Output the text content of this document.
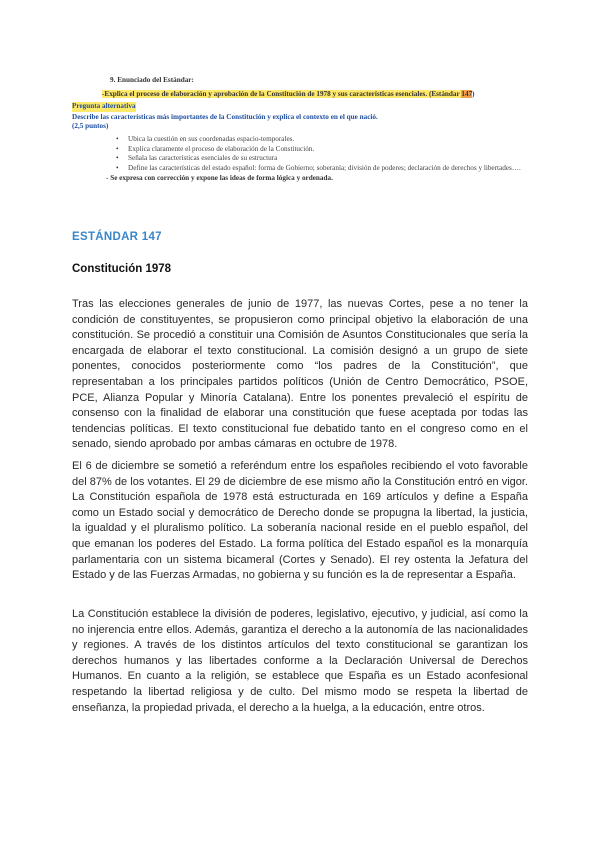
9. Enunciado del Estándar:
-Explica el proceso de elaboración y aprobación de la Constitución de 1978 y sus características esenciales. (Estándar 147)
Pregunta alternativa
Describe las características más importantes de la Constitución y explica el contexto en el que nació.
(2,5 puntos)
• Ubica la cuestión en sus coordenadas espacio-temporales.
• Explica claramente el proceso de elaboración de la Constitución.
• Señala las características esenciales de su estructura
• Define las características del estado español: forma de Gobierno; soberanía; división de poderes; declaración de derechos y libertades….
- Se expresa con corrección y expone las ideas de forma lógica y ordenada.
ESTÁNDAR 147
Constitución 1978

Tras las elecciones generales de junio de 1977, las nuevas Cortes, pese a no tener la condición de constituyentes, se propusieron como principal objetivo la elaboración de una constitución. Se procedió a constituir una Comisión de Asuntos Constitucionales que sería la encargada de elaborar el texto constitucional. La comisión designó a un grupo de siete ponentes, conocidos posteriormente como “los padres de la Constitución”, que representaban a los principales partidos políticos (Unión de Centro Democrático, PSOE, PCE, Alianza Popular y Minoría Catalana). Entre los ponentes prevaleció el espíritu de consenso con la finalidad de elaborar una constitución que fuese aceptada por todas las tendencias políticas. El texto constitucional fue debatido tanto en el congreso como en el senado, siendo aprobado por ambas cámaras en octubre de 1978.

El 6 de diciembre se sometió a referéndum entre los españoles recibiendo el voto favorable del 87% de los votantes. El 29 de diciembre de ese mismo año la Constitución entró en vigor. La Constitución española de 1978 está estructurada en 169 artículos y define a España como un Estado social y democrático de Derecho donde se propugna la libertad, la justicia, la igualdad y el pluralismo político. La soberanía nacional reside en el pueblo español, del que emanan los poderes del Estado. La forma política del Estado español es la monarquía parlamentaria con un sistema bicameral (Cortes y Senado). El rey ostenta la Jefatura del Estado y de las Fuerzas Armadas, no gobierna y su función es la de representar a España.

La Constitución establece la división de poderes, legislativo, ejecutivo, y judicial, así como la no injerencia entre ellos. Además, garantiza el derecho a la autonomía de las nacionalidades y regiones. A través de los distintos artículos del texto constitucional se garantizan los derechos humanos y las libertades conforme a la Declaración Universal de Derechos Humanos. En cuanto a la religión, se establece que España es un Estado aconfesional respetando la libertad religiosa y de culto. Del mismo modo se respeta la libertad de enseñanza, la propiedad privada, el derecho a la huelga, a la educación, entre otros.
